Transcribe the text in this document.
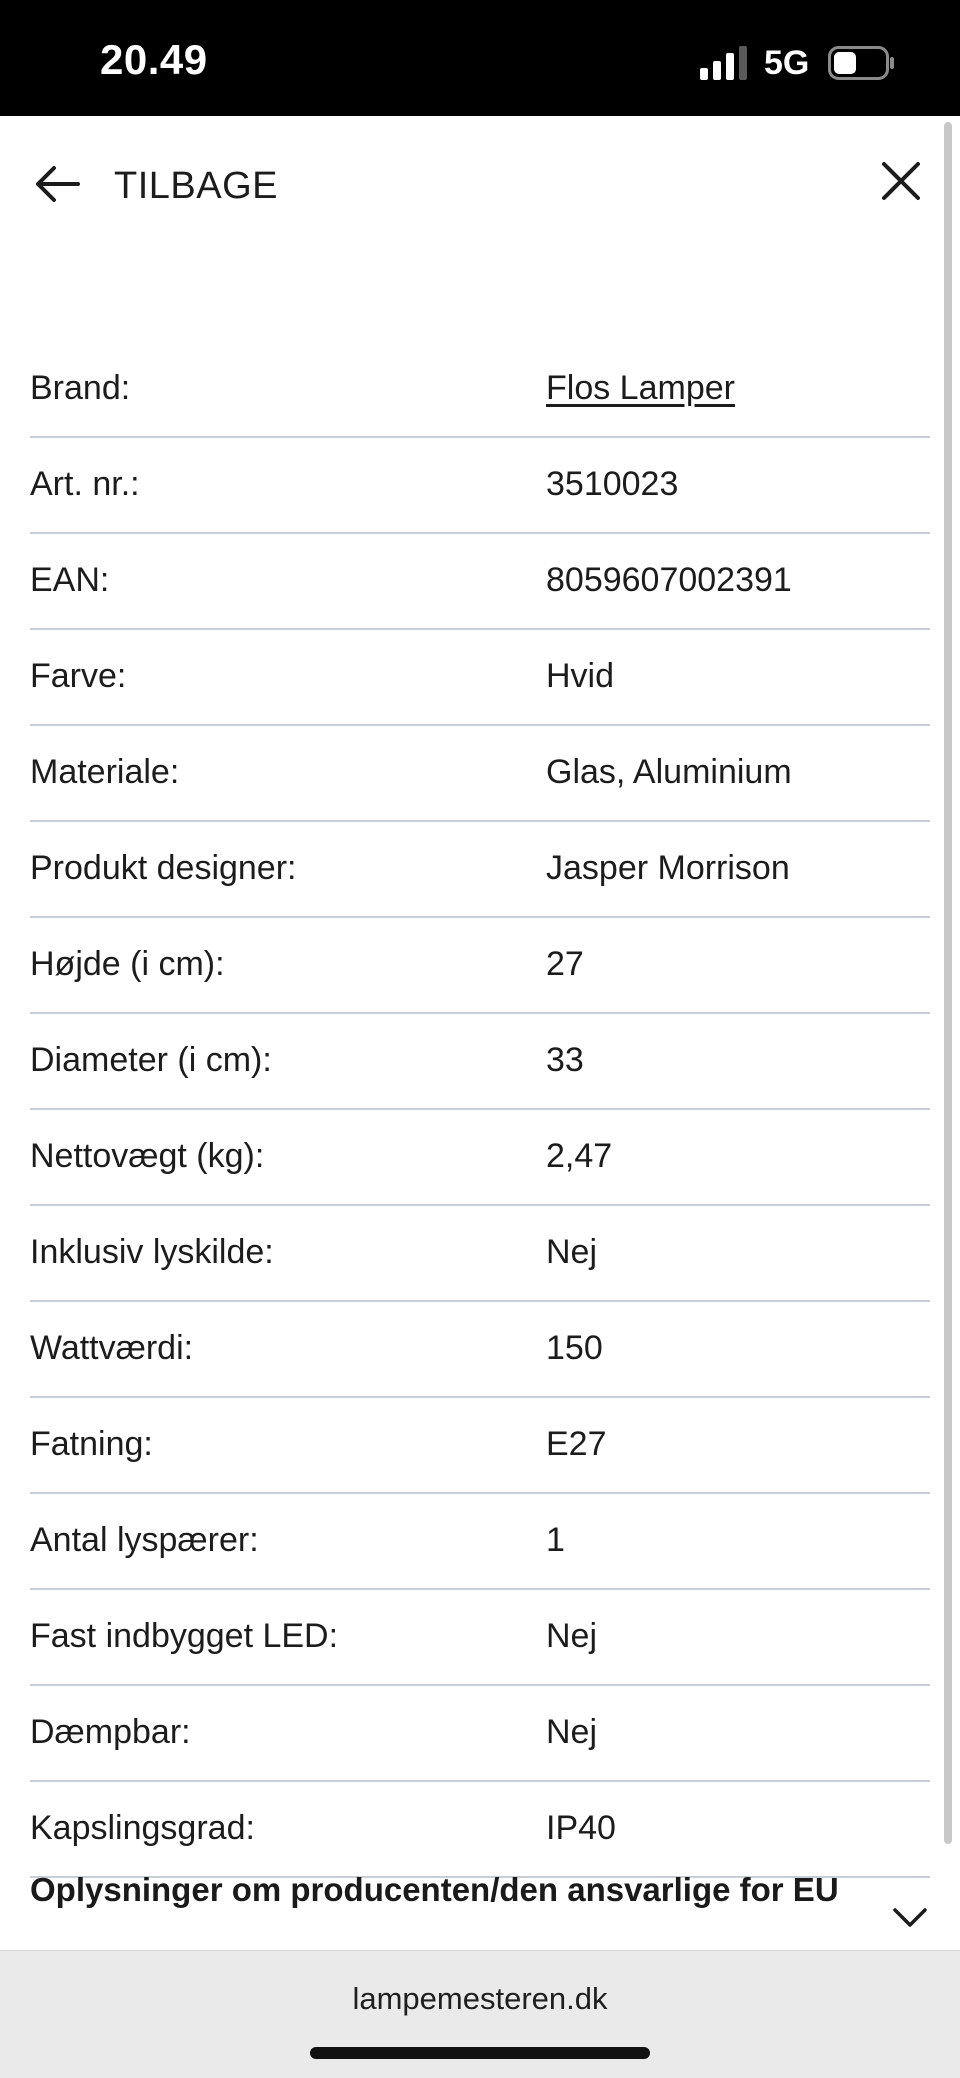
20.49	5G
TILBAGE
Brand:	Flos Lamper
Art. nr.:	3510023
EAN:	8059607002391
Farve:	Hvid
Materiale:	Glas, Aluminium
Produkt designer:	Jasper Morrison
Højde (i cm):	27
Diameter (i cm):	33
Nettovægt (kg):	2,47
Inklusiv lyskilde:	Nej
Wattværdi:	150
Fatning:	E27
Antal lyspærer:	1
Fast indbygget LED:	Nej
Dæmpbar:	Nej
Kapslingsgrad:	IP40
Oplysninger om producenten/den ansvarlige for EU
lampemesteren.dk
